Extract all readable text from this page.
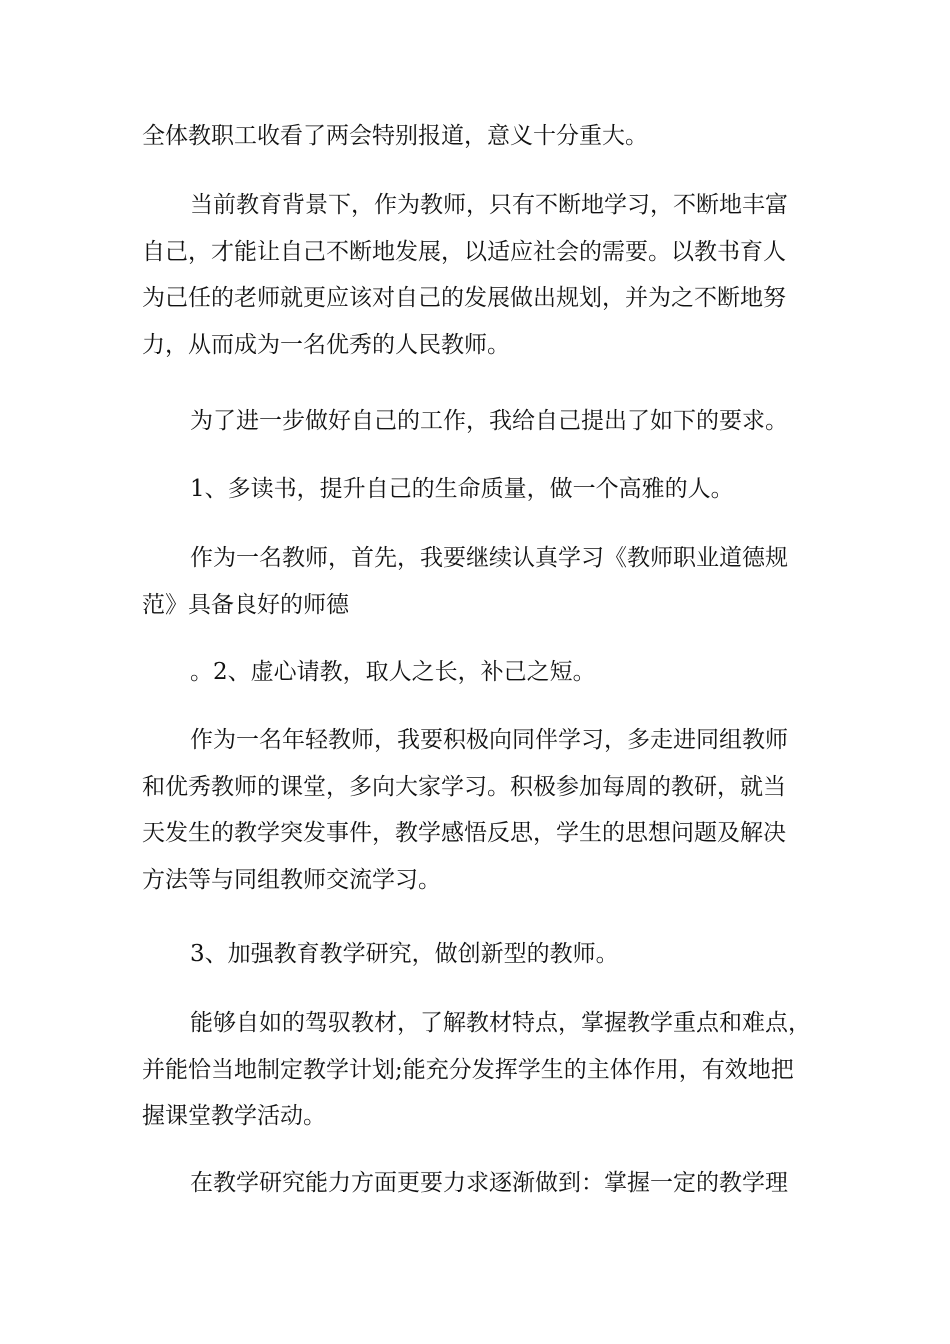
全体教职工收看了两会特别报道，意义十分重大。
当前教育背景下，作为教师，只有不断地学习，不断地丰富
自己，才能让自己不断地发展，以适应社会的需要。以教书育人
为己任的老师就更应该对自己的发展做出规划，并为之不断地努
力，从而成为一名优秀的人民教师。
为了进一步做好自己的工作，我给自己提出了如下的要求。
1、多读书，提升自己的生命质量，做一个高雅的人。
作为一名教师，首先，我要继续认真学习《教师职业道德规
范》具备良好的师德
。2、虚心请教，取人之长，补己之短。
作为一名年轻教师，我要积极向同伴学习，多走进同组教师
和优秀教师的课堂，多向大家学习。积极参加每周的教研，就当
天发生的教学突发事件，教学感悟反思，学生的思想问题及解决
方法等与同组教师交流学习。
3、加强教育教学研究，做创新型的教师。
能够自如的驾驭教材，了解教材特点，掌握教学重点和难点，
并能恰当地制定教学计划;能充分发挥学生的主体作用，有效地把
握课堂教学活动。
在教学研究能力方面更要力求逐渐做到：掌握一定的教学理
